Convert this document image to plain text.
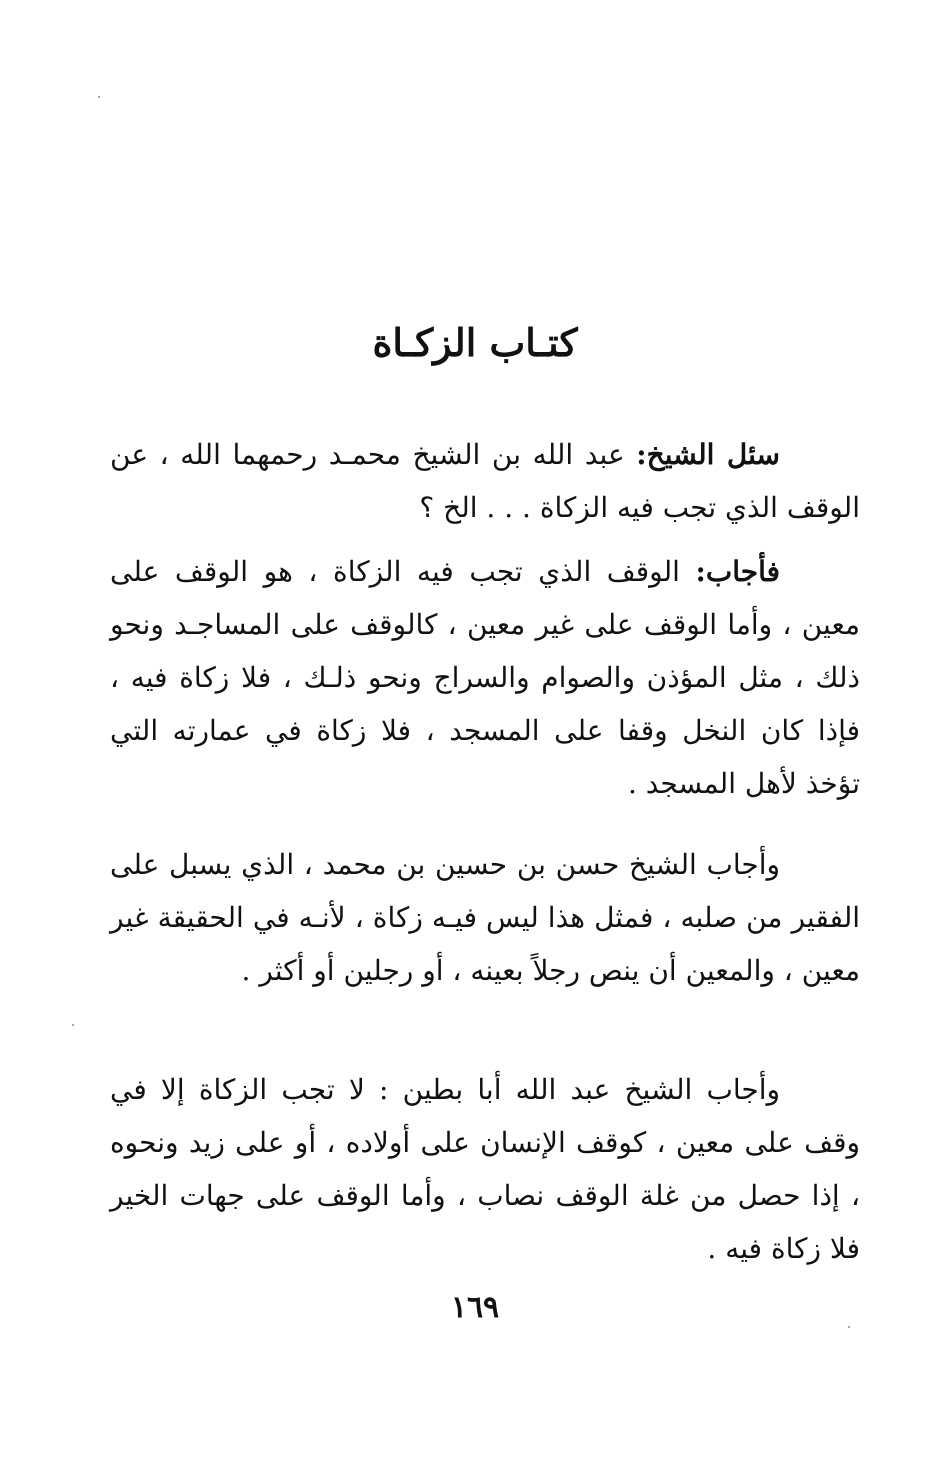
كتـاب الزكـاة

سئل الشيخ: عبد الله بن الشيخ محمـد رحمهما الله ، عن الوقف الذي تجب فيه الزكاة . . . الخ ؟

فأجاب: الوقف الذي تجب فيه الزكاة ، هو الوقف على معين ، وأما الوقف على غير معين ، كالوقف على المساجـد ونحو ذلك ، مثل المؤذن والصوام والسراج ونحو ذلـك ، فلا زكاة فيه ، فإذا كان النخل وقفا على المسجد ، فلا زكاة في عمارته التي تؤخذ لأهل المسجد .

وأجاب الشيخ حسن بن حسين بن محمد ، الذي يسبل على الفقير من صلبه ، فمثل هذا ليس فيـه زكاة ، لأنـه في الحقيقة غير معين ، والمعين أن ينص رجلاً بعينه ، أو رجلين أو أكثر .

وأجاب الشيخ عبد الله أبا بطين : لا تجب الزكاة إلا في وقف على معين ، كوقف الإنسان على أولاده ، أو على زيد ونحوه ، إذا حصل من غلة الوقف نصاب ، وأما الوقف على جهات الخير فلا زكاة فيه .

١٦٩
